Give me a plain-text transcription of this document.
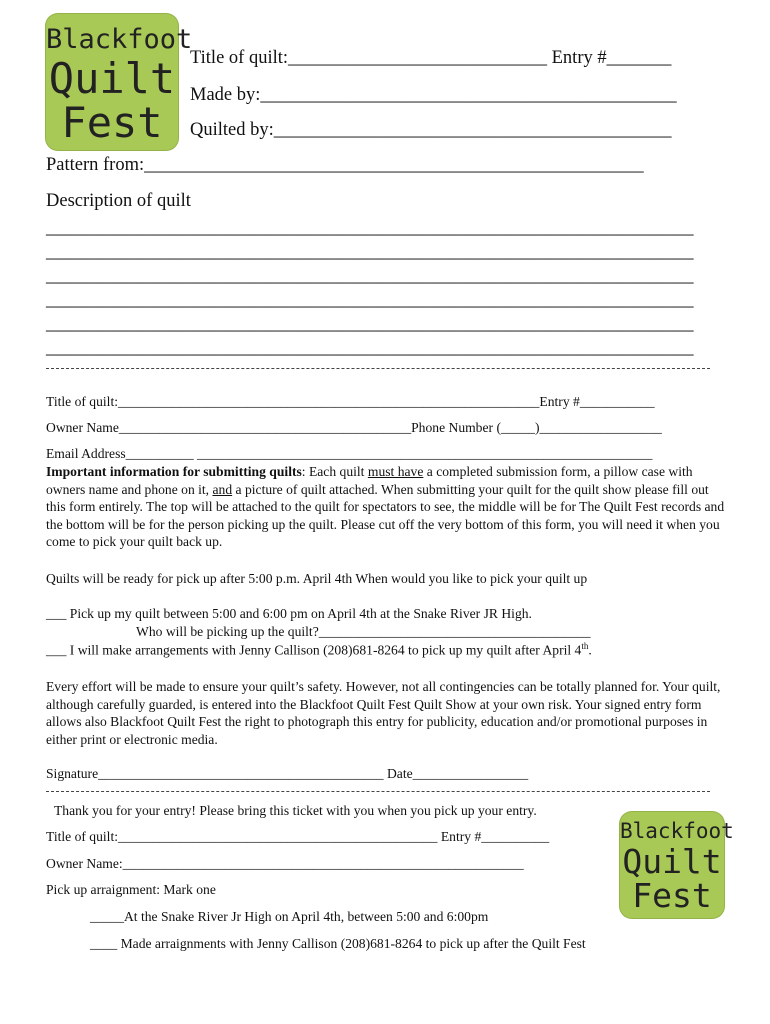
Blackfoot
Quilt
Fest
Title of quilt:____________________________ Entry #_______
Made by:_____________________________________________
Quilted by:___________________________________________
Pattern from:______________________________________________________
Description of quilt
______________________________________________________________________
______________________________________________________________________
______________________________________________________________________
______________________________________________________________________
______________________________________________________________________
______________________________________________________________________
Title of quilt:______________________________________________________________Entry #___________
Owner Name___________________________________________Phone Number (_____)__________________
Email Address__________ ___________________________________________________________________
Important information for submitting quilts: Each quilt must have a completed submission form, a pillow case with owners name and phone on it, and a picture of quilt attached. When submitting your quilt for the quilt show please fill out this form entirely. The top will be attached to the quilt for spectators to see, the middle will be for The Quilt Fest records and the bottom will be for the person picking up the quilt. Please cut off the very bottom of this form, you will need it when you come to pick your quilt back up.
Quilts will be ready for pick up after 5:00 p.m. April 4th When would you like to pick your quilt up
___ Pick up my quilt between 5:00 and 6:00 pm on April 4th at the Snake River JR High.
Who will be picking up the quilt?________________________________________
___ I will make arrangements with Jenny Callison (208)681-8264 to pick up my quilt after April 4th.
Every effort will be made to ensure your quilt’s safety. However, not all contingencies can be totally planned for. Your quilt, although carefully guarded, is entered into the Blackfoot Quilt Fest Quilt Show at your own risk. Your signed entry form allows also Blackfoot Quilt Fest the right to photograph this entry for publicity, education and/or promotional purposes in either print or electronic media.
Signature__________________________________________ Date_________________
Thank you for your entry! Please bring this ticket with you when you pick up your entry.
Title of quilt:_______________________________________________ Entry #__________
Owner Name:___________________________________________________________
Pick up arraignment: Mark one
_____At the Snake River Jr High on April 4th, between 5:00 and 6:00pm
____ Made arraignments with Jenny Callison (208)681-8264 to pick up after the Quilt Fest
Blackfoot
Quilt
Fest
